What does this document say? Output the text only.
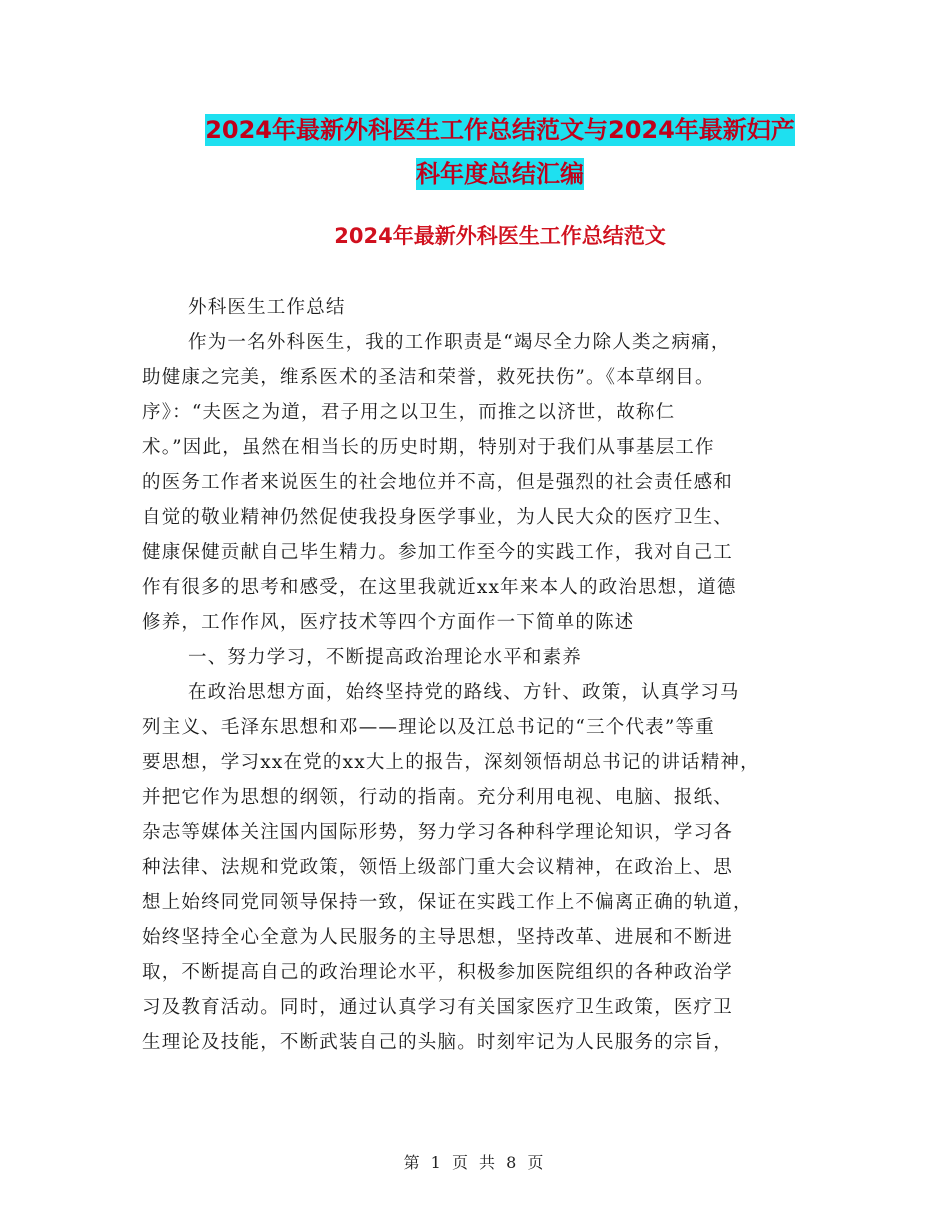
2024年最新外科医生工作总结范文与2024年最新妇产
科年度总结汇编
2024年最新外科医生工作总结范文
外科医生工作总结
作为一名外科医生，我的工作职责是“竭尽全力除人类之病痛，
助健康之完美，维系医术的圣洁和荣誉，救死扶伤”。《本草纲目。
序》：“夫医之为道，君子用之以卫生，而推之以济世，故称仁
术。”因此，虽然在相当长的历史时期，特别对于我们从事基层工作
的医务工作者来说医生的社会地位并不高，但是强烈的社会责任感和
自觉的敬业精神仍然促使我投身医学事业，为人民大众的医疗卫生、
健康保健贡献自己毕生精力。参加工作至今的实践工作，我对自己工
作有很多的思考和感受，在这里我就近xx年来本人的政治思想，道德
修养，工作作风，医疗技术等四个方面作一下简单的陈述
一、努力学习，不断提高政治理论水平和素养
在政治思想方面，始终坚持党的路线、方针、政策，认真学习马
列主义、毛泽东思想和邓——理论以及江总书记的“三个代表”等重
要思想，学习xx在党的xx大上的报告，深刻领悟胡总书记的讲话精神，
并把它作为思想的纲领，行动的指南。充分利用电视、电脑、报纸、
杂志等媒体关注国内国际形势，努力学习各种科学理论知识，学习各
种法律、法规和党政策，领悟上级部门重大会议精神，在政治上、思
想上始终同党同领导保持一致，保证在实践工作上不偏离正确的轨道，
始终坚持全心全意为人民服务的主导思想，坚持改革、进展和不断进
取，不断提高自己的政治理论水平，积极参加医院组织的各种政治学
习及教育活动。同时，通过认真学习有关国家医疗卫生政策，医疗卫
生理论及技能，不断武装自己的头脑。时刻牢记为人民服务的宗旨，
第 1 页 共 8 页
